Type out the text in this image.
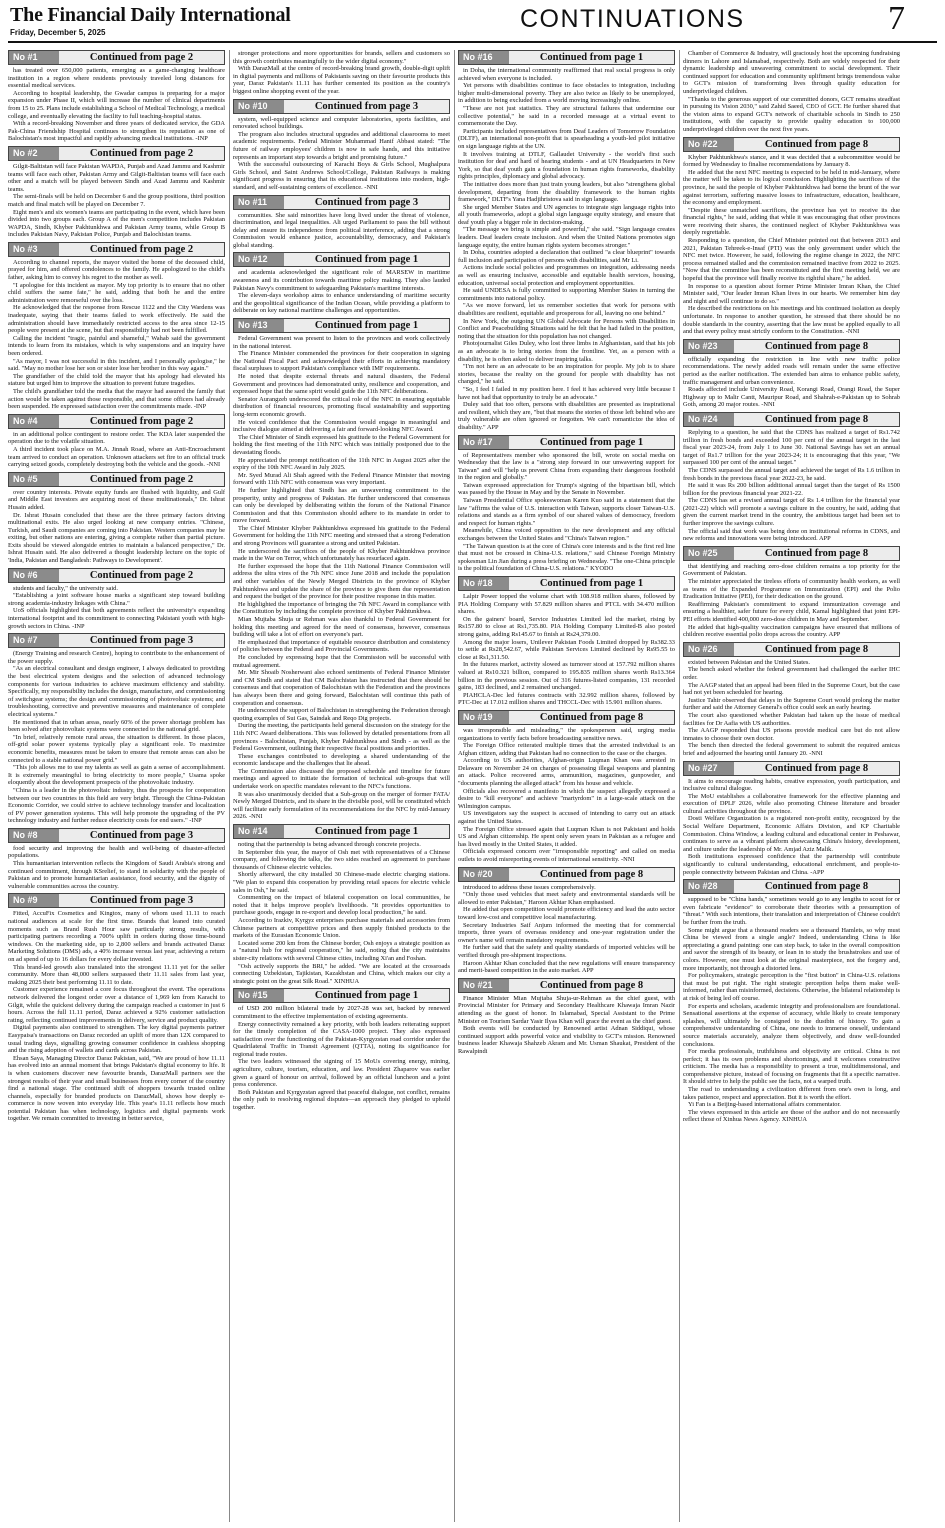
The Financial Daily International
Friday, December 5, 2025	CONTINUATIONS	7
No #1	Continued from page 2

has treated over 650,000 patients, emerging as a game-changing healthcare institution in a region where residents previously traveled long distances for essential medical services.

According to hospital leadership, the Gwadar campus is preparing for a major expansion under Phase II, which will increase the number of clinical departments from 15 to 25. Plans include establishing a School of Medical Technology, a medical college, and eventually elevating the facility to full teaching-hospital status.

With a record-breaking November and three years of dedicated service, the GDA Pak-China Friendship Hospital continues to strengthen its reputation as one of Balochistan's most impactful and rapidly advancing medical institutions. -INP

No #2	Continued from page 2

Gilgit-Baltistan will face Pakistan WAPDA, Punjab and Azad Jammu and Kashmir teams will face each other, Pakistan Army and Gilgit-Baltistan teams will face each other and a match will be played between Sindh and Azad Jammu and Kashmir teams.

The semi-finals will be held on December 6 and the group positions, third position match and final match will be played on December 7.

Eight men's and six women's teams are participating in the event, which have been divided into two groups each. Group A of the men's competition includes Pakistan WAPDA, Sindh, Khyber Pakhtunkhwa and Pakistan Army teams, while Group B includes Pakistan Navy, Pakistan Police, Punjab and Balochistan teams.

No #3	Continued from page 2

According to channel reports, the mayor visited the home of the deceased child, prayed for him, and offered condolences to the family. He apologized to the child's father, asking him to convey his regret to the mother as well.

"I apologise for this incident as mayor. My top priority is to ensure that no other child suffers the same fate," he said, adding that both he and the entire administration were remorseful over the loss.

He acknowledged that the response from Rescue 1122 and the City Wardens was inadequate, saying that their teams failed to work effectively. He said the administration should have immediately restricted access to the area since 12-15 people were present at the scene, but that responsibility had not been fulfilled.

Calling the incident "tragic, painful and shameful," Wahab said the government intends to learn from its mistakes, which is why suspensions and an inquiry have been ordered.

"As mayor, I was not successful in this incident, and I personally apologise," he said. "May no mother lose her son or sister lose her brother in this way again."

The grandfather of the child told the mayor that his apology had elevated his stature but urged him to improve the situation to prevent future tragedies.

The child's grandfather told the media that the mayor had assured the family that action would be taken against those responsible, and that some officers had already been suspended. He expressed satisfaction over the commitments made. -INP

No #4	Continued from page 2

in an additional police contingent to restore order. The KDA later suspended the operation due to the volatile situation.

A third incident took place on M.A. Jinnah Road, where an Anti-Encroachment team arrived to conduct an operation. Unknown attackers set fire to an official truck carrying seized goods, completely destroying both the vehicle and the goods. -NNI

No #5	Continued from page 2

over country interests. Private equity funds are flushed with liquidity, and Gulf and Middle East investors are acquiring most of these multinationals," Dr. Ishrat Husain added.

Dr. Ishrat Husain concluded that these are the three primary factors driving multinational exits. He also urged looking at new company entries. "Chinese, Turkish, and Saudi companies are coming into Pakistan. Western companies may be exiting, but other nations are entering, giving a complete rather than partial picture. Exits should be viewed alongside entries to maintain a balanced perspective," Dr. Ishrat Husain said. He also delivered a thought leadership lecture on the topic of 'India, Pakistan and Bangladesh: Pathways to Development'.

No #6	Continued from page 2

students and faculty," the university said.

"Establishing a joint software house marks a significant step toward building strong academia-industry linkages with China."

UoS officials highlighted that both agreements reflect the university's expanding international footprint and its commitment to connecting Pakistani youth with high-growth sectors in China. -INP

No #7	Continued from page 3

(Energy Training and research Centre), hoping to contribute to the enhancement of the power supply.

"As an electrical consultant and design engineer, I always dedicated to providing the best electrical system designs and the selection of advanced technology components for various industries to achieve maximum efficiency and stability. Specifically, my responsibility includes the design, manufacture, and commissioning of switchgear systems; the design and commissioning of photovoltaic systems; and troubleshooting, corrective and preventive measures and maintenance of complete electrical systems."

He mentioned that in urban areas, nearly 60% of the power shortage problem has been solved after photovoltaic systems were connected to the national grid.

"In brief, relatively remote rural areas, the situation is different. In those places, off-grid solar power systems typically play a significant role. To maximize economic benefits, measures must be taken to ensure that remote areas can also be connected to a stable national power grid."

"This job allows me to use my talents as well as gain a sense of accomplishment. It is extremely meaningful to bring electricity to more people," Usama spoke eloquently about the development prospects of the photovoltaic industry.

"China is a leader in the photovoltaic industry, thus the prospects for cooperation between our two countries in this field are very bright. Through the China-Pakistan Economic Corridor, we could strive to achieve technology transfer and localization of PV power generation systems. This will help promote the upgrading of the PV technology industry and further reduce electricity costs for end users." -INP

No #8	Continued from page 3

food security and improving the health and well-being of disaster-affected populations.

This humanitarian intervention reflects the Kingdom of Saudi Arabia's strong and continued commitment, through KSrelief, to stand in solidarity with the people of Pakistan and to promote humanitarian assistance, food security, and the dignity of vulnerable communities across the country.

No #9	Continued from page 3

Fitted, AccuFix Cosmetics and Kingtox, many of whom used 11.11 to reach national audiences at scale for the first time. Brands that leaned into curated moments such as Brand Rush Hour saw particularly strong results, with participating partners recording a 700% uplift in orders during those time-bound windows. On the marketing side, up to 2,800 sellers and brands activated Daraz Marketing Solutions (DMS) ads, a 40% increase versus last year, achieving a return on ad spend of up to 16 dollars for every dollar invested.

This brand-led growth also translated into the strongest 11.11 yet for the seller community. More than 48,000 sellers surpassed their 11.11 sales from last year, making 2025 their best performing 11.11 to date.

Customer experience remained a core focus throughout the event. The operations network delivered the longest order over a distance of 1,969 km from Karachi to Gilgit, while the quickest delivery during the campaign reached a customer in just 6 hours. Across the full 11.11 period, Daraz achieved a 92% customer satisfaction rating, reflecting continued improvements in delivery, service and product quality.

Digital payments also continued to strengthen. The key digital payments partner Easypaisa's transactions on Daraz recorded an uplift of more than 12X compared to usual trading days, signalling growing consumer confidence in cashless shopping and the rising adoption of wallets and cards across Pakistan.

Ehsan Saya, Managing Director Daraz Pakistan, said, "We are proud of how 11.11 has evolved into an annual moment that brings Pakistan's digital economy to life. It is when customers discover new favourite brands, DarazMall partners see the strongest results of their year and small businesses from every corner of the country find a national stage. The continued shift of shoppers towards trusted online channels, especially for branded products on DarazMall, shows how deeply e-commerce is now woven into everyday life. This year's 11.11 reflects how much potential Pakistan has when technology, logistics and digital payments work together. We remain committed to investing in better service,

stronger protections and more opportunities for brands, sellers and customers so this growth contributes meaningfully to the wider digital economy."

With DarazMall at the centre of record-breaking brand growth, double-digit uplift in digital payments and millions of Pakistanis saving on their favourite products this year, Daraz Pakistan's 11.11 has further cemented its position as the country's biggest online shopping event of the year.

No #10	Continued from page 3

system, well-equipped science and computer laboratories, sports facilities, and renovated school buildings.

The program also includes structural upgrades and additional classrooms to meet academic requirements. Federal Minister Muhammad Hanif Abbasi stated: "The future of railway employees' children is now in safe hands, and this initiative represents an important step towards a bright and promising future."

With the successful outsourcing of Karachi Boys & Girls School, Mughalpura Girls School, and Saint Andrews School/College, Pakistan Railways is making significant progress in ensuring that its educational institutions into modern, high-standard, and self-sustaining centers of excellence. -NNI

No #11	Continued from page 3

communities. She said minorities have long lived under the threat of violence, discrimination, and legal inequalities. Ali urged Parliament to pass the bill without delay and ensure its independence from political interference, adding that a strong Commission would enhance justice, accountability, democracy, and Pakistan's global standing.

No #12	Continued from page 1

and academia acknowledged the significant role of MARSEW in maritime awareness and its contribution towards maritime policy making. They also lauded Pakistan Navy's commitment to safeguarding Pakistan's maritime interests.

The eleven-days workshop aims to enhance understanding of maritime security and the geopolitical significance of the Indian Ocean, while providing a platform to deliberate on key national maritime challenges and opportunities.

No #13	Continued from page 1

Federal Government was present to listen to the provinces and work collectively in the national interest.

The Finance Minister commended the provinces for their cooperation in signing the National Fiscal Pact and acknowledged their efforts in achieving mandatory fiscal surpluses to support Pakistan's compliance with IMF requirements.

He noted that despite external threats and natural disasters, the Federal Government and provinces had demonstrated unity, resilience and cooperation, and expressed hope that the same spirit would guide the 11th NFC deliberations.

Senator Aurangzeb underscored the critical role of the NFC in ensuring equitable distribution of financial resources, promoting fiscal sustainability and supporting long-term economic growth.

He voiced confidence that the Commission would engage in meaningful and inclusive dialogue aimed at delivering a fair and forward-looking NFC Award.

The Chief Minister of Sindh expressed his gratitude to the Federal Government for holding the first meeting of the 11th NFC which was initially postponed due to the devastating floods.

He appreciated the prompt notification of the 11th NFC in August 2025 after the expiry of the 10th NFC Award in July 2025.

Mr. Syed Murad Ali Shah agreed with the Federal Finance Minister that moving forward with 11th NFC with consensus was very important.

He further highlighted that Sindh has an unwavering commitment to the prosperity, unity and progress of Pakistan. He further underscored that consensus can only be developed by deliberating within the forum of the National Finance Commission and that this Commission should adhere to its mandate in order to move forward.

The Chief Minister Khyber Pakhtunkhwa expressed his gratitude to the Federal Government for holding the 11th NFC meeting and stressed that a strong Federation and strong Provinces will guarantee a strong and united Pakistan.

He underscored the sacrifices of the people of Khyber Pakhtunkhwa province made in the War on Terror, which unfortunately has resurfaced again.

He further expressed the hope that the 11th National Finance Commission will address the ultra vires of the 7th NFC since June 2018 and include the population and other variables of the Newly Merged Districts in the province of Khyber Pakhtunkhwa and update the share of the province to give them due representation and request the budget of the province for their positive response in this matter.

He highlighted the importance of bringing the 7th NFC Award in compliance with the Constitution by including the complete province of Khyber Pakhtunkhwa.

Mian Mujtaba Shuja ur Rehman was also thankful to Federal Government for holding this meeting and agreed for the need of consensus, however, consensus building will take a lot of effort on everyone's part.

He emphasized that importance of equitable resource distribution and consistency of policies between the Federal and Provincial Governments.

He concluded by expressing hope that the Commission will be successful with mutual agreement.

Mr. Mir Shoaib Nosherwani also echoed sentiments of Federal Finance Minister and CM Sindh and stated that CM Balochistan has instructed that there should be consensus and that cooperation of Balochistan with the Federation and the provinces has always been there and going forward, Balochistan will continue this path of cooperation and consensus.

He underscored the support of Balochistan in strengthening the Federation through quoting examples of Sui Gas, Saindak and Reqo Dig projects.

During the meeting, the participants held general discussion on the strategy for the 11th NFC Award deliberations. This was followed by detailed presentations from all provinces - Balochistan, Punjab, Khyber Pakhtunkhwa and Sindh - as well as the Federal Government, outlining their respective fiscal positions and priorities.

These exchanges contributed to developing a shared understanding of the economic landscape and the challenges that lie ahead.

The Commission also discussed the proposed schedule and timeline for future meetings and agreed to initiate the formation of technical sub-groups that will undertake work on specific mandates relevant to the NFC's functions.

It was also unanimously decided that a Sub-group on the merger of former FATA/ Newly Merged Districts, and its share in the divisible pool, will be constituted which will facilitate early formulation of its recommendations for the NFC by mid-January 2026. -NNI

No #14	Continued from page 1

noting that the partnership is being advanced through concrete projects.

In September this year, the mayor of Osh met with representatives of a Chinese company, and following the talks, the two sides reached an agreement to purchase thousands of Chinese electric vehicles.

Shortly afterward, the city installed 30 Chinese-made electric charging stations. "We plan to expand this cooperation by providing retail spaces for electric vehicle sales in Osh," he said.

Commenting on the impact of bilateral cooperation on local communities, he noted that it helps improve people's livelihoods. "It provides opportunities to purchase goods, engage in re-export and develop local production," he said.

According to Irazkiv, Kyrgyz enterprises purchase materials and accessories from Chinese partners at competitive prices and then supply finished products to the markets of the Eurasian Economic Union.

Located some 200 km from the Chinese border, Osh enjoys a strategic position as a "natural hub for regional cooperation," he said, noting that the city maintains sister-city relations with several Chinese cities, including Xi'an and Foshan.

"Osh actively supports the BRI," he added. "We are located at the crossroads connecting Uzbekistan, Tajikistan, Kazakhstan and China, which makes our city a strategic point on the great Silk Road." XINHUA

No #15	Continued from page 1

of USD 200 million bilateral trade by 2027-28 was set, backed by renewed commitment to the effective implementation of existing agreements.

Energy connectivity remained a key priority, with both leaders reiterating support for the timely completion of the CASA-1000 project. They also expressed satisfaction over the functioning of the Pakistan-Kyrgyzstan road corridor under the Quadrilateral Traffic in Transit Agreement (QTTA), noting its significance for regional trade routes.

The two leaders witnessed the signing of 15 MoUs covering energy, mining, agriculture, culture, tourism, education, and law. President Zhaparov was earlier given a guard of honour on arrival, followed by an official luncheon and a joint press conference.

Both Pakistan and Kyrgyzstan agreed that peaceful dialogue, not conflict, remains the only path to resolving regional disputes—an approach they pledged to uphold together.

No #16	Continued from page 1

in Doha, the international community reaffirmed that real social progress is only achieved when everyone is included.

Yet persons with disabilities continue to face obstacles to integration, including higher multi-dimensional poverty. They are also twice as likely to be unemployed, in addition to being excluded from a world moving increasingly online.

"These are not just statistics. They are structural failures that undermine our collective potential," he said in a recorded message at a virtual event to commemorate the Day.

Participants included representatives from Deaf Leaders of Tomorrow Foundation (DLTF), an international non-profit that is spearheading a youth-led pilot initiative on sign language rights at the UN.

It involves training at DTLF, Gallaudet University - the world's first such institution for deaf and hard of hearing students - and at UN Headquarters in New York, so that deaf youth gain a foundation in human rights frameworks, disability rights principles, diplomacy and global advocacy.

The initiative does more than just train young leaders, but also "strengthens global development, departing from the disability framework to the human rights framework," DLTF's Yana Hadjihristova said in sign language.

She urged Member States and UN agencies to integrate sign language rights into all youth frameworks, adopt a global sign language equity strategy, and ensure that deaf youth play a bigger role in decision-making.

"The message we bring is simple and powerful," she said. "Sign language creates leaders. Deaf leaders create inclusion. And when the United Nations promotes sign language equity, the entire human rights system becomes stronger."

In Doha, countries adopted a declaration that outlined "a clear blueprint" towards full inclusion and participation of persons with disabilities, said Mr Li.

Actions include social policies and programmes on integration, addressing needs as well as ensuring inclusive, accessible and equitable health services, housing, education, universal social protection and employment opportunities.

He said UNDESA is fully committed to supporting Member States in turning the commitments into national policy.

"As we move forward, let us remember societies that work for persons with disabilities are resilient, equitable and prosperous for all, leaving no one behind."

In New York, the outgoing UN Global Advocate for Persons with Disabilities in Conflict and Peacebuilding Situations said he felt that he had failed in the position, noting that the situation for this population has not changed.

Photojournalist Giles Duley, who lost three limbs in Afghanistan, said that his job as an advocate is to bring stories from the frontline. Yet, as a person with a disability, he is often asked to deliver inspiring talks.

"I'm not here as an advocate to be an inspiration for people. My job is to share stories, because the reality on the ground for people with disability has not changed," he said.

"So, I feel I failed in my position here. I feel it has achieved very little because I have not had that opportunity to truly be an advocate."

Duley said that too often, persons with disabilities are presented as inspirational and resilient, which they are, "but that means the stories of those left behind who are truly vulnerable are often ignored or forgotten. We can't romanticize the idea of disability." APP

No #17	Continued from page 1

of Representatives member who sponsored the bill, wrote on social media on Wednesday that the law is a "strong step forward in our unwavering support for Taiwan" and will "help us prevent China from expanding their dangerous foothold in the region and globally."

Taiwan expressed appreciation for Trump's signing of the bipartisan bill, which was passed by the House in May and by the Senate in November.

Taiwan Presidential Office spokeswoman Karen Kuo said in a statement that the law "affirms the value of U.S. interaction with Taiwan, supports closer Taiwan-U.S. relations and stands as a firm symbol of our shared values of democracy, freedom and respect for human rights."

Meanwhile, China voiced opposition to the new development and any official exchanges between the United States and "China's Taiwan region."

"The Taiwan question is at the core of China's core interests and is the first red line that must not be crossed in China-U.S. relations," said Chinese Foreign Ministry spokesman Lin Jian during a press briefing on Wednesday. "The one-China principle is the political foundation of China-U.S. relations." KYODO

No #18	Continued from page 1

Lalpir Power topped the volume chart with 108.918 million shares, followed by PIA Holding Company with 57.829 million shares and PTCL with 34.470 million shares.

On the gainers' board, Service Industries Limited led the market, rising by Rs157.80 to close at Rs1,735.80. PIA Holding Company Limited-B also posted strong gains, adding Rs145.67 to finish at Rs24,379.00.

Among the major losers, Unilever Pakistan Foods Limited dropped by Rs382.33 to settle at Rs28,542.67, while Pakistan Services Limited declined by Rs95.55 to close at Rs1,311.50.

In the futures market, activity slowed as turnover stood at 157.792 million shares valued at Rs10.321 billion, compared to 195.835 million shares worth Rs13.364 billion in the previous session. Out of 316 futures-listed companies, 131 recorded gains, 183 declined, and 2 remained unchanged.

PIAHCLA-Dec led futures contracts with 32.992 million shares, followed by PTC-Dec at 17.012 million shares and THCCL-Dec with 15.901 million shares.

No #19	Continued from page 8

was irresponsible and misleading," the spokesperson said, urging media organizations to verify facts before broadcasting sensitive news.

The Foreign Office reiterated multiple times that the arrested individual is an Afghan citizen, adding that Pakistan had no connection to the case or the charges.

According to US authorities, Afghan-origin Luqman Khan was arrested in Delaware on November 24 on charges of possessing illegal weapons and planning an attack. Police recovered arms, ammunition, magazines, gunpowder, and "documents planning the alleged attack" from his house and vehicle.

Officials also recovered a manifesto in which the suspect allegedly expressed a desire to "kill everyone" and achieve "martyrdom" in a large-scale attack on the Wilmington campus.

US investigators say the suspect is accused of intending to carry out an attack against the United States.

The Foreign Office stressed again that Luqman Khan is not Pakistani and holds US and Afghan citizenship. He spent only seven years in Pakistan as a refugee and has lived mostly in the United States, it added.

Officials expressed concern over "irresponsible reporting" and called on media outlets to avoid misreporting events of international sensitivity. -NNI

No #20	Continued from page 8

introduced to address these issues comprehensively.

"Only those used vehicles that meet safety and environmental standards will be allowed to enter Pakistan," Haroon Akhtar Khan emphasised.

He added that open competition would promote efficiency and lead the auto sector toward low-cost and competitive local manufacturing.

Secretary Industries Saif Anjum informed the meeting that for commercial imports, three years of overseas residency and one-year registration under the owner's name will remain mandatory requirements.

He further said that the safety and quality standards of imported vehicles will be verified through pre-shipment inspections.

Haroon Akhtar Khan concluded that the new regulations will ensure transparency and merit-based competition in the auto market. APP

No #21	Continued from page 8

Finance Minister Mian Mujtaba Shuja-ur-Rehman as the chief guest, with Provincial Minister for Primary and Secondary Healthcare Khawaja Imran Nazir attending as the guest of honor. In Islamabad, Special Assistant to the Prime Minister on Tourism Sardar Yasir Ilyas Khan will grace the event as the chief guest.

Both events will be conducted by Renowned artist Adnan Siddiqui, whose continued support adds powerful voice and visibility to GCT's mission. Renowned business leader Khawaja Shahzeb Akram and Mr. Usman Shaukat, President of the Rawalpindi

Chamber of Commerce & Industry, will graciously host the upcoming fundraising dinners in Lahore and Islamabad, respectively. Both are widely respected for their dynamic leadership and unwavering commitment to social development. Their continued support for education and community upliftment brings tremendous value to GCT's mission of transforming lives through quality education for underprivileged children.

"Thanks to the generous support of our committed donors, GCT remains steadfast in pursuing its Vision 2030," said Zahid Saeed, CEO of GCT. He further shared that the vision aims to expand GCT's network of charitable schools in Sindh to 250 institutions, with the capacity to provide quality education to 100,000 underprivileged children over the next five years.

No #22	Continued from page 8

Khyber Pakhtunkhwa's stance, and it was decided that a subcommittee would be formed by Wednesday to finalise recommendations by January 8.

He added that the next NFC meeting is expected to be held in mid-January, where the matter will be taken to its logical conclusion. Highlighting the sacrifices of the province, he said the people of Khyber Pakhtunkhwa had borne the brunt of the war against terrorism, suffering massive losses to infrastructure, education, healthcare, the economy and employment.

"Despite these unmatched sacrifices, the province has yet to receive its due financial rights," he said, adding that while it was encouraging that other provinces were receiving their shares, the continued neglect of Khyber Pakhtunkhwa was deeply regrettable.

Responding to a question, the Chief Minister pointed out that between 2013 and 2021, Pakistan Tehreek-e-Insaf (PTI) was the only government under which the NFC met twice. However, he said, following the regime change in 2022, the NFC process remained stalled and the commission remained inactive from 2022 to 2025. "Now that the committee has been reconstituted and the first meeting held, we are hopeful that the province will finally receive its rightful share," he added.

In response to a question about former Prime Minister Imran Khan, the Chief Minister said, "Our leader Imran Khan lives in our hearts. We remember him day and night and will continue to do so."

He described the restrictions on his meetings and his continued isolation as deeply unfortunate. In response to another question, he stressed that there should be no double standards in the country, asserting that the law must be applied equally to all and that every policy must strictly conform to the Constitution. -NNI

No #23	Continued from page 8

officially expanding the restriction in line with new traffic police recommendations. The newly added roads will remain under the same effective period as the earlier notification. The extended ban aims to enhance public safety, traffic management and urban convenience.

Roads affected include University Road, Korangi Road, Orangi Road, the Super Highway up to Malir Cantt, Mauripur Road, and Shahrah-e-Pakistan up to Sohrab Goth, among 20 major routes. -NNI

No #24	Continued from page 8

Replying to a question, he said that the CDNS has realized a target of Rs1.742 trillion in fresh bonds and exceeded 100 per cent of the annual target in the last fiscal year 2023-24, from July 1 to June 30. National Savings has set an annual target of Rs1.7 trillion for the year 2023-24; it is encouraging that this year, "We surpassed 100 per cent of the annual target."

The CDNS surpassed the annual target and achieved the target of Rs 1.6 trillion in fresh bonds in the previous fiscal year 2022-23, he said.

He said it was Rs 200 billion additional annual target than the target of Rs 1500 billion for the previous financial year 2021-22.

The CDNS has set a revised annual target of Rs 1.4 trillion for the financial year (2021-22) which will promote a savings culture in the country, he said, adding that given the current market trend in the country, the ambitious target had been set to further improve the savings culture.

The official said that work was being done on institutional reforms in CDNS, and new reforms and innovations were being introduced. APP

No #25	Continued from page 8

that identifying and reaching zero-dose children remains a top priority for the Government of Pakistan.

The minister appreciated the tireless efforts of community health workers, as well as teams of the Expanded Programme on Immunization (EPI) and the Polio Eradication Initiative (PEI), for their dedication on the ground.

Reaffirming Pakistan's commitment to expand immunization coverage and ensuring a healthier, safer future for every child, Kamal highlighted that joint EPI-PEI efforts identified 400,000 zero-dose children in May and September.

He added that high-quality vaccination campaigns have ensured that millions of children receive essential polio drops across the country. APP

No #26	Continued from page 8

existed between Pakistan and the United States.

The bench asked whether the federal government had challenged the earlier IHC order.

The AAGP stated that an appeal had been filed in the Supreme Court, but the case had not yet been scheduled for hearing.

Justice Tahir observed that delays in the Supreme Court would prolong the matter further and said the Attorney General's office could seek an early hearing.

The court also questioned whether Pakistan had taken up the issue of medical facilities for Dr Aafia with US authorities.

The AAGP responded that US prisons provide medical care but do not allow inmates to choose their own doctor.

The bench then directed the federal government to submit the required amicus brief and adjourned the hearing until January 20. -NNI

No #27	Continued from page 8

It aims to encourage reading habits, creative expression, youth participation, and inclusive cultural dialogue.

The MoU establishes a collaborative framework for the effective planning and execution of DPLF 2026, while also promoting Chinese literature and broader cultural activities throughout the province.

Dosti Welfare Organization is a registered non-profit entity, recognized by the Social Welfare Department, Economic Affairs Division, and KP Charitable Commission. China Window, a leading cultural and educational center in Peshawar, continues to serve as a vibrant platform showcasing China's history, development, and culture under the leadership of Mr. Amjad Aziz Malik.

Both institutions expressed confidence that the partnership will contribute significantly to cultural understanding, educational enrichment, and people-to-people connectivity between Pakistan and China. -APP

No #28	Continued from page 8

supposed to be "China hands," sometimes would go to any lengths to scout for or even fabricate "evidence" to corroborate their theories with a presumption of "threat." With such intentions, their translation and interpretation of Chinese couldn't be further from the truth.

Some might argue that a thousand readers see a thousand Hamlets, so why must China be viewed from a single angle? Indeed, understanding China is like appreciating a grand painting: one can step back, to take in the overall composition and savor the strength of its beauty, or lean in to study the brushstrokes and use of colors. However, one must look at the original masterpiece, not the forgery and, more importantly, not through a distorted lens.

For policymakers, strategic perception is the "first button" in China-U.S. relations that must be put right. The right strategic perception helps them make well-informed, rather than misinformed, decisions. Otherwise, the bilateral relationship is at risk of being led off course.

For experts and scholars, academic integrity and professionalism are foundational. Sensational assertions at the expense of accuracy, while likely to create temporary splashes, will ultimately be consigned to the dustbin of history. To gain a comprehensive understanding of China, one needs to immerse oneself, understand source materials accurately, analyze them objectively, and draw well-founded conclusions.

For media professionals, truthfulness and objectivity are critical. China is not perfect; it has its own problems and shortcomings, and it welcomes constructive criticism. The media has a responsibility to present a true, multidimensional, and comprehensive picture, instead of focusing on fragments that fit a specific narrative. It should strive to help the public see the facts, not a warped truth.

The road to understanding a civilization different from one's own is long, and takes patience, respect and appreciation. But it is worth the effort.

Yi Fan is a Beijing-based international affairs commentator.

The views expressed in this article are those of the author and do not necessarily reflect those of Xinhua News Agency. XINHUA
